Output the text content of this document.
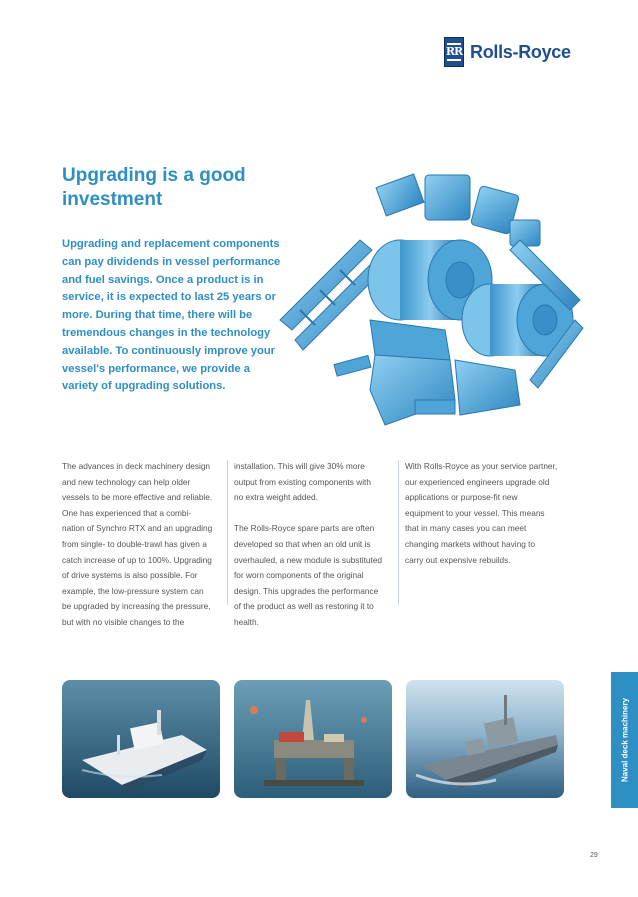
RR Rolls-Royce
Upgrading is a good investment
Upgrading and replacement components can pay dividends in vessel performance and fuel savings. Once a product is in service, it is expected to last 25 years or more. During that time, there will be tremendous changes in the technology available. To continuously improve your vessel's performance, we provide a variety of upgrading solutions.
The advances in deck machinery design
and new technology can help older
vessels to be more effective and reliable.
One has experienced that a combi-
nation of Synchro RTX and an upgrading
from single- to double-trawl has given a
catch increase of up to 100%. Upgrading
of drive systems is also possible. For
example, the low-pressure system can
be upgraded by increasing the pressure,
but with no visible changes to the
installation. This will give 30% more
output from existing components with
no extra weight added.

The Rolls-Royce spare parts are often
developed so that when an old unit is
overhauled, a new module is substituted
for worn components of the original
design. This upgrades the performance
of the product as well as restoring it to
health.
With Rolls-Royce as your service partner,
our experienced engineers upgrade old
applications or purpose-fit new
equipment to your vessel. This means
that in many cases you can meet
changing markets without having to
carry out expensive rebuilds.
Naval deck machinery
29
